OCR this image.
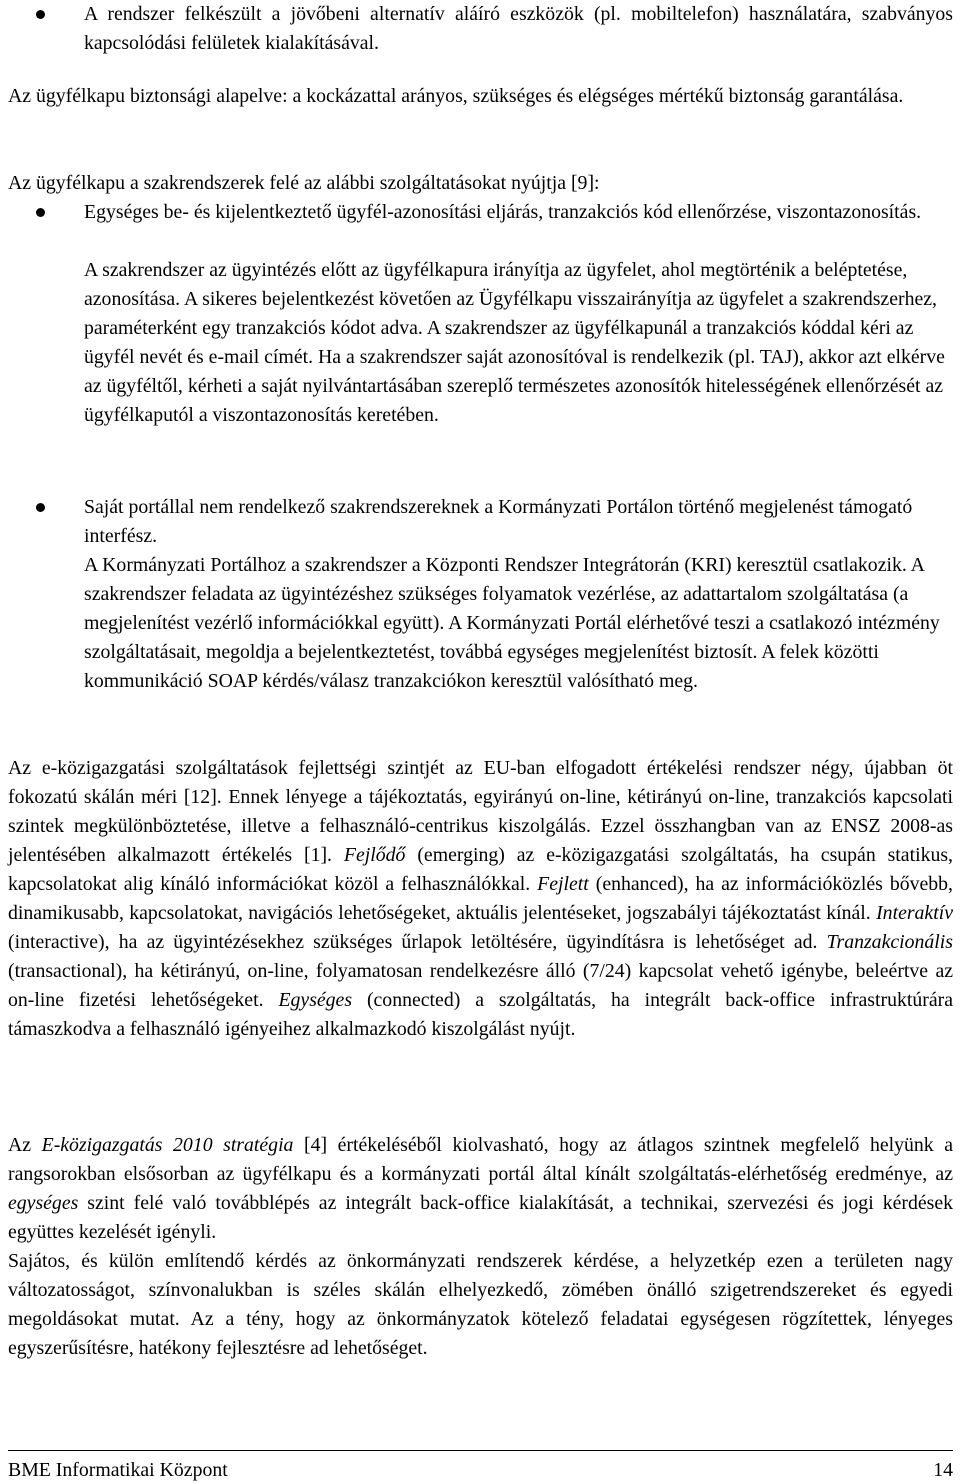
A rendszer felkészült a jövőbeni alternatív aláíró eszközök (pl. mobiltelefon) használatára, szabványos kapcsolódási felületek kialakításával.

Az ügyfélkapu biztonsági alapelve: a kockázattal arányos, szükséges és elégséges mértékű biztonság garantálása.

Az ügyfélkapu a szakrendszerek felé az alábbi szolgáltatásokat nyújtja [9]:

Egységes be- és kijelentkeztető ügyfél-azonosítási eljárás, tranzakciós kód ellenőrzése, viszontazonosítás.

A szakrendszer az ügyintézés előtt az ügyfélkapura irányítja az ügyfelet, ahol megtörténik a beléptetése, azonosítása. A sikeres bejelentkezést követően az Ügyfélkapu visszairányítja az ügyfelet a szakrendszerhez, paraméterként egy tranzakciós kódot adva. A szakrendszer az ügyfélkapunál a tranzakciós kóddal kéri az ügyfél nevét és e-mail címét. Ha a szakrendszer saját azonosítóval is rendelkezik (pl. TAJ), akkor azt elkérve az ügyféltől, kérheti a saját nyilvántartásában szereplő természetes azonosítók hitelességének ellenőrzését az ügyfélkaputól a viszontazonosítás keretében.

Saját portállal nem rendelkező szakrendszereknek a Kormányzati Portálon történő megjelenést támogató interfész.

A Kormányzati Portálhoz a szakrendszer a Központi Rendszer Integrátorán (KRI) keresztül csatlakozik. A szakrendszer feladata az ügyintézéshez szükséges folyamatok vezérlése, az adattartalom szolgáltatása (a megjelenítést vezérlő információkkal együtt). A Kormányzati Portál elérhetővé teszi a csatlakozó intézmény szolgáltatásait, megoldja a bejelentkeztetést, továbbá egységes megjelenítést biztosít. A felek közötti kommunikáció SOAP kérdés/válasz tranzakciókon keresztül valósítható meg.

Az e-közigazgatási szolgáltatások fejlettségi szintjét az EU-ban elfogadott értékelési rendszer négy, újabban öt fokozatú skálán méri [12]. Ennek lényege a tájékoztatás, egyirányú on-line, kétirányú on-line, tranzakciós kapcsolati szintek megkülönböztetése, illetve a felhasználó-centrikus kiszolgálás. Ezzel összhangban van az ENSZ 2008-as jelentésében alkalmazott értékelés [1]. Fejlődő (emerging) az e-közigazgatási szolgáltatás, ha csupán statikus, kapcsolatokat alig kínáló információkat közöl a felhasználókkal. Fejlett (enhanced), ha az információközlés bővebb, dinamikusabb, kapcsolatokat, navigációs lehetőségeket, aktuális jelentéseket, jogszabályi tájékoztatást kínál. Interaktív (interactive), ha az ügyintézésekhez szükséges űrlapok letöltésére, ügyindításra is lehetőséget ad. Tranzakcionális (transactional), ha kétirányú, on-line, folyamatosan rendelkezésre álló (7/24) kapcsolat vehető igénybe, beleértve az on-line fizetési lehetőségeket. Egységes (connected) a szolgáltatás, ha integrált back-office infrastruktúrára támaszkodva a felhasználó igényeihez alkalmazkodó kiszolgálást nyújt.

Az E-közigazgatás 2010 stratégia [4] értékeléséből kiolvasható, hogy az átlagos szintnek megfelelő helyünk a rangsorokban elsősorban az ügyfélkapu és a kormányzati portál által kínált szolgáltatás-elérhetőség eredménye, az egységes szint felé való továbblépés az integrált back-office kialakítását, a technikai, szervezési és jogi kérdések együttes kezelését igényli.

Sajátos, és külön említendő kérdés az önkormányzati rendszerek kérdése, a helyzetkép ezen a területen nagy változatosságot, színvonalukban is széles skálán elhelyezkedő, zömében önálló szigetrendszereket és egyedi megoldásokat mutat. Az a tény, hogy az önkormányzatok kötelező feladatai egységesen rögzítettek, lényeges egyszerűsítésre, hatékony fejlesztésre ad lehetőséget.

BME Informatikai Központ	14
